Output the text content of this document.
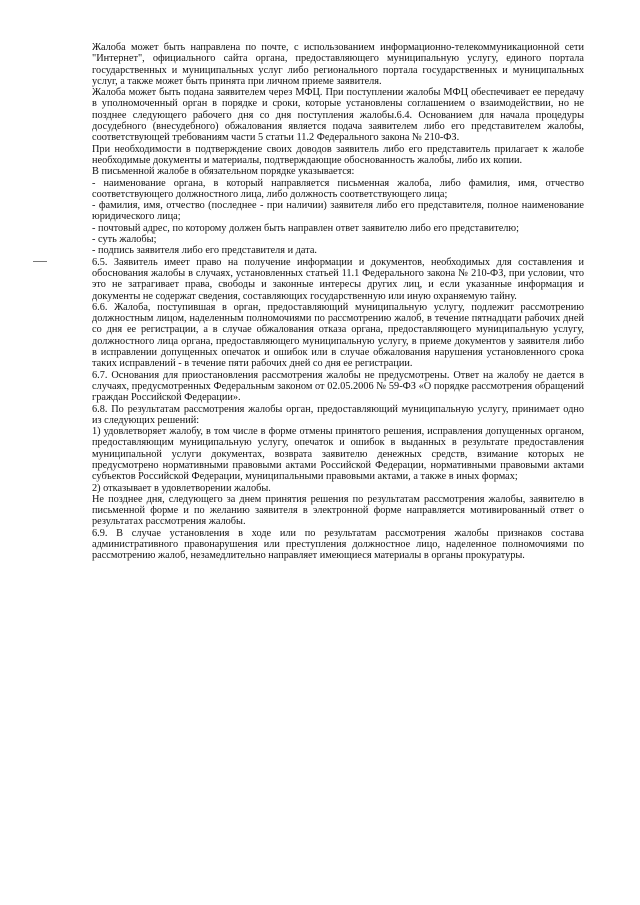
Жалоба может быть направлена по почте, с использованием информационно-телекоммуникационной сети "Интернет", официального сайта органа, предоставляющего муниципальную услугу, единого портала государственных и муниципальных услуг либо регионального портала государственных и муниципальных услуг, а также может быть принята при личном приеме заявителя.

Жалоба может быть подана заявителем через МФЦ. При поступлении жалобы МФЦ обеспечивает ее передачу в уполномоченный орган в порядке и сроки, которые установлены соглашением о взаимодействии, но не позднее следующего рабочего дня со дня поступления жалобы.6.4. Основанием для начала процедуры досудебного (внесудебного) обжалования является подача заявителем либо его представителем жалобы, соответствующей требованиям части 5 статьи 11.2 Федерального закона № 210-ФЗ.

При необходимости в подтверждение своих доводов заявитель либо его представитель прилагает к жалобе необходимые документы и материалы, подтверждающие обоснованность жалобы, либо их копии.

В письменной жалобе в обязательном порядке указывается:

- наименование органа, в который направляется письменная жалоба, либо фамилия, имя, отчество соответствующего должностного лица, либо должность соответствующего лица;

- фамилия, имя, отчество (последнее - при наличии) заявителя либо его представителя, полное наименование юридического лица;

- почтовый адрес, по которому должен быть направлен ответ заявителю либо его представителю;

- суть жалобы;

- подпись заявителя либо его представителя и дата.

6.5. Заявитель имеет право на получение информации и документов, необходимых для составления и обоснования жалобы в случаях, установленных статьей 11.1 Федерального закона № 210-ФЗ, при условии, что это не затрагивает права, свободы и законные интересы других лиц, и если указанные информация и документы не содержат сведения, составляющих государственную или иную охраняемую тайну.

6.6. Жалоба, поступившая в орган, предоставляющий муниципальную услугу, подлежит рассмотрению должностным лицом, наделенным полномочиями по рассмотрению жалоб, в течение пятнадцати рабочих дней со дня ее регистрации, а в случае обжалования отказа органа, предоставляющего муниципальную услугу, должностного лица органа, предоставляющего муниципальную услугу, в приеме документов у заявителя либо в исправлении допущенных опечаток и ошибок или в случае обжалования нарушения установленного срока таких исправлений - в течение пяти рабочих дней со дня ее регистрации.

6.7. Основания для приостановления рассмотрения жалобы не предусмотрены. Ответ на жалобу не дается в случаях, предусмотренных Федеральным законом от 02.05.2006 № 59-ФЗ «О порядке рассмотрения обращений граждан Российской Федерации».

6.8. По результатам рассмотрения жалобы орган, предоставляющий муниципальную услугу, принимает одно из следующих решений:

1) удовлетворяет жалобу, в том числе в форме отмены принятого решения, исправления допущенных органом, предоставляющим муниципальную услугу, опечаток и ошибок в выданных в результате предоставления муниципальной услуги документах, возврата заявителю денежных средств, взимание которых не предусмотрено нормативными правовыми актами Российской Федерации, нормативными правовыми актами субъектов Российской Федерации, муниципальными правовыми актами, а также в иных формах;

2) отказывает в удовлетворении жалобы.

Не позднее дня, следующего за днем принятия решения по результатам рассмотрения жалобы, заявителю в письменной форме и по желанию заявителя в электронной форме направляется мотивированный ответ о результатах рассмотрения жалобы.

6.9. В случае установления в ходе или по результатам рассмотрения жалобы признаков состава административного правонарушения или преступления должностное лицо, наделенное полномочиями по рассмотрению жалоб, незамедлительно направляет имеющиеся материалы в органы прокуратуры.
